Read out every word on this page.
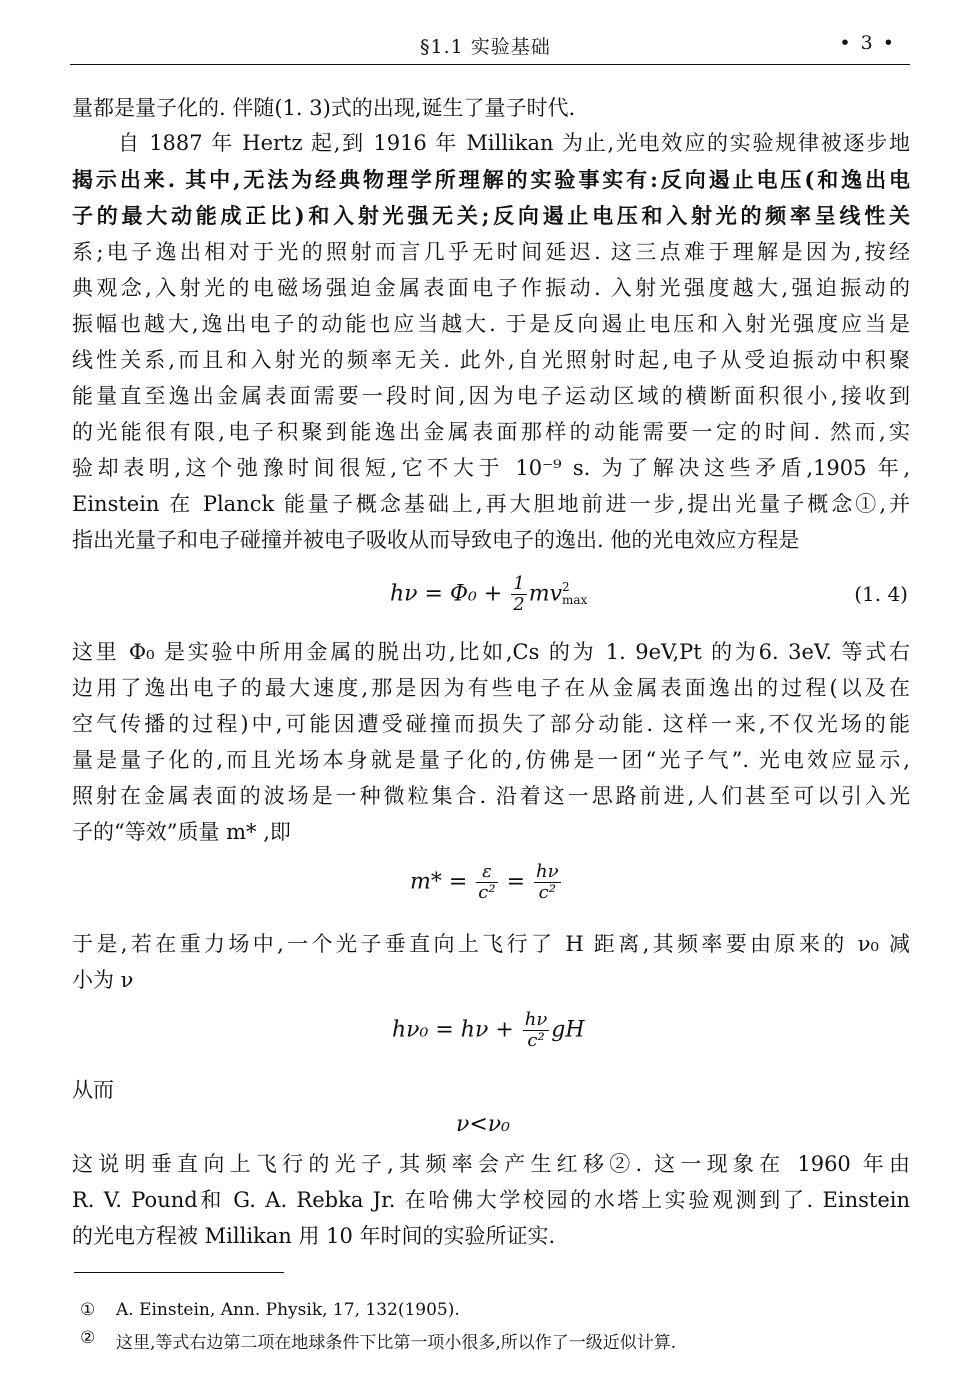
§1.1 实验基础	• 3 •

量都是量子化的. 伴随(1. 3)式的出现,诞生了量子时代.

自 1887 年 Hertz 起,到 1916 年 Millikan 为止,光电效应的实验规律被逐步地

揭示出来. 其中,无法为经典物理学所理解的实验事实有:反向遏止电压(和逸出电

子的最大动能成正比)和入射光强无关;反向遏止电压和入射光的频率呈线性关

系;电子逸出相对于光的照射而言几乎无时间延迟. 这三点难于理解是因为,按经

典观念,入射光的电磁场强迫金属表面电子作振动. 入射光强度越大,强迫振动的

振幅也越大,逸出电子的动能也应当越大. 于是反向遏止电压和入射光强度应当是

线性关系,而且和入射光的频率无关. 此外,自光照射时起,电子从受迫振动中积聚

能量直至逸出金属表面需要一段时间,因为电子运动区域的横断面积很小,接收到

的光能很有限,电子积聚到能逸出金属表面那样的动能需要一定的时间. 然而,实

验却表明,这个弛豫时间很短,它不大于 10⁻⁹ s. 为了解决这些矛盾,1905 年,

Einstein 在 Planck 能量子概念基础上,再大胆地前进一步,提出光量子概念①,并

指出光量子和电子碰撞并被电子吸收从而导致电子的逸出. 他的光电效应方程是

$h\nu = \Phi_0 + \frac{1}{2}$ mv 2
max	(1. 4)

这里 Φ₀ 是实验中所用金属的脱出功,比如,Cs 的为 1. 9eV,Pt 的为6. 3eV. 等式右

边用了逸出电子的最大速度,那是因为有些电子在从金属表面逸出的过程(以及在

空气传播的过程)中,可能因遭受碰撞而损失了部分动能. 这样一来,不仅光场的能

量是量子化的,而且光场本身就是量子化的,仿佛是一团“光子气”. 光电效应显示,

照射在金属表面的波场是一种微粒集合. 沿着这一思路前进,人们甚至可以引入光

子的“等效”质量 m* ,即

$m* = \frac{\varepsilon}{\text{c²}} = \frac{h\nu}{\text{c²}}$

于是,若在重力场中,一个光子垂直向上飞行了 H 距离,其频率要由原来的 ν₀ 减

小为 ν

$h\nu_0 = h\nu + \frac{h\nu}{\text{c²}}$ gH

从而

ν<ν₀

这说明垂直向上飞行的光子,其频率会产生红移②. 这一现象在 1960 年由

R. V. Pound和 G. A. Rebka Jr. 在哈佛大学校园的水塔上实验观测到了. Einstein

的光电方程被 Millikan 用 10 年时间的实验所证实.

① A. Einstein, Ann. Physik, 17, 132(1905).
② 这里,等式右边第二项在地球条件下比第一项小很多,所以作了一级近似计算.
